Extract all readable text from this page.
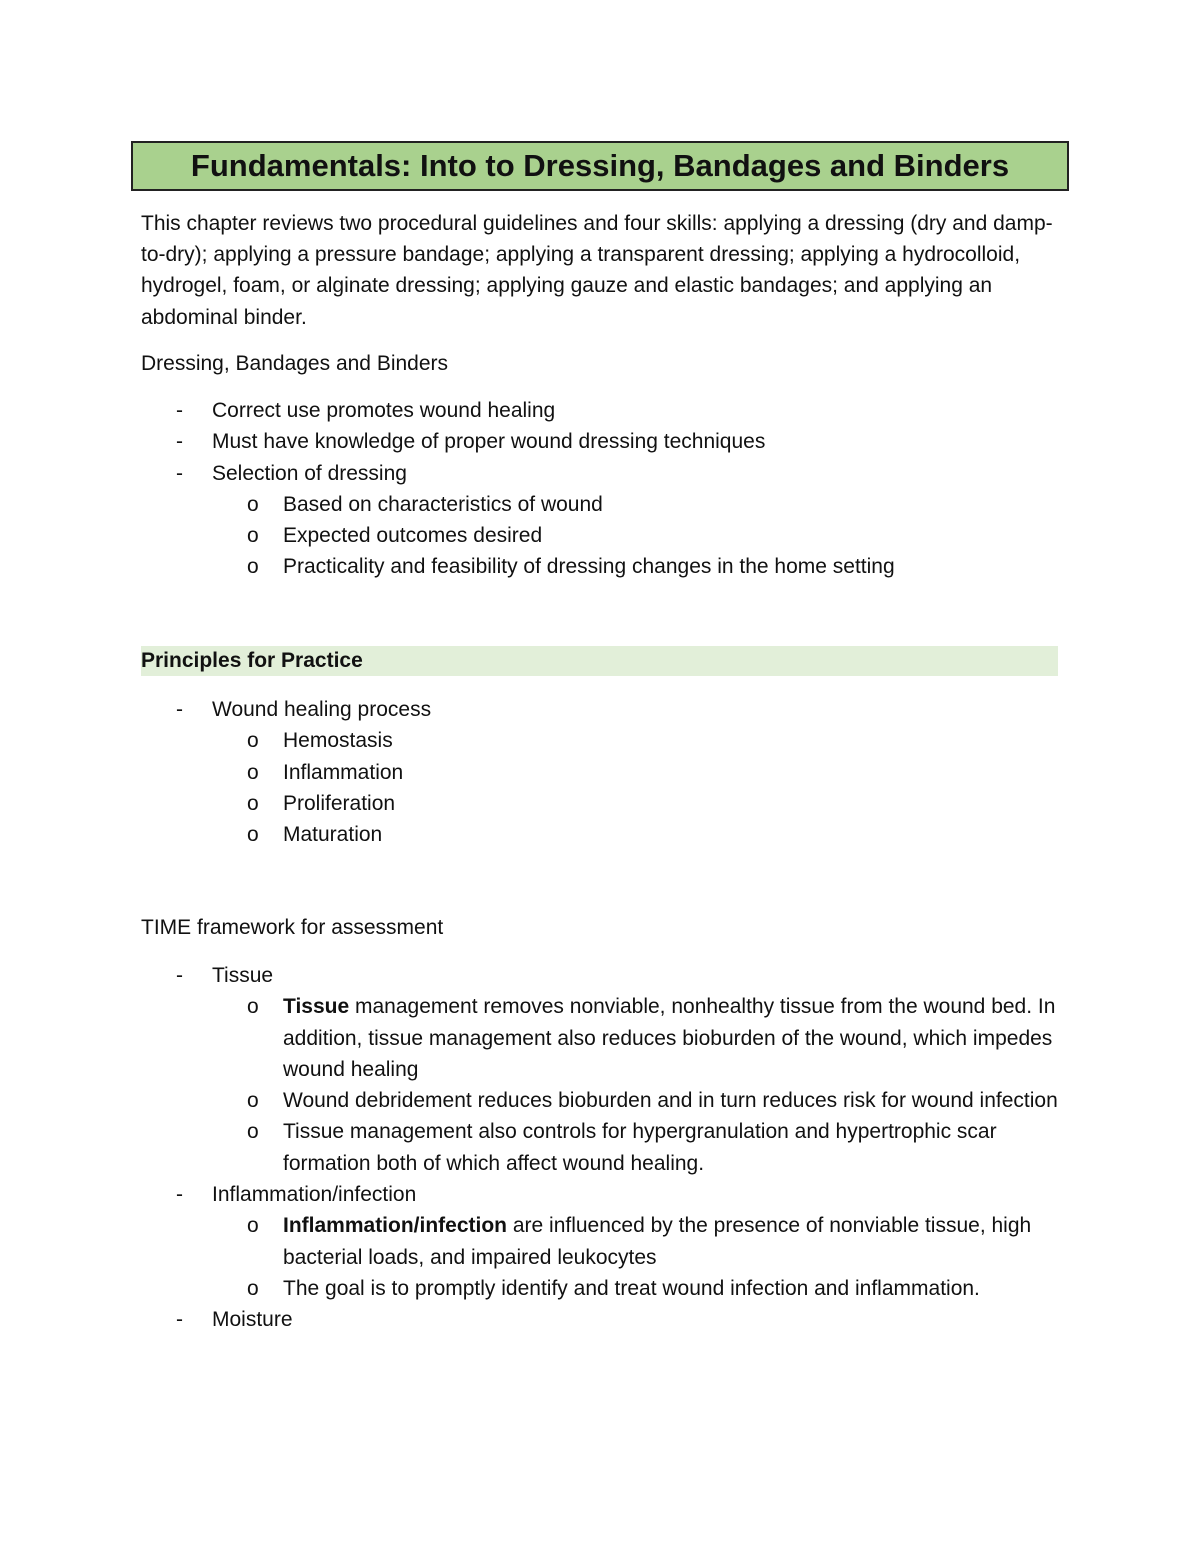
Fundamentals: Into to Dressing, Bandages and Binders

This chapter reviews two procedural guidelines and four skills: applying a dressing (dry and damp-to-dry); applying a pressure bandage; applying a transparent dressing; applying a hydrocolloid, hydrogel, foam, or alginate dressing; applying gauze and elastic bandages; and applying an abdominal binder.

Dressing, Bandages and Binders

- Correct use promotes wound healing
- Must have knowledge of proper wound dressing techniques
- Selection of dressing
o Based on characteristics of wound
o Expected outcomes desired
o Practicality and feasibility of dressing changes in the home setting
Principles for Practice
- Wound healing process
o Hemostasis
o Inflammation
o Proliferation
o Maturation

TIME framework for assessment

- Tissue
o Tissue management removes nonviable, nonhealthy tissue from the wound bed. In addition, tissue management also reduces bioburden of the wound, which impedes wound healing
o Wound debridement reduces bioburden and in turn reduces risk for wound infection
o Tissue management also controls for hypergranulation and hypertrophic scar formation both of which affect wound healing.
- Inflammation/infection
o Inflammation/infection are influenced by the presence of nonviable tissue, high bacterial loads, and impaired leukocytes
o The goal is to promptly identify and treat wound infection and inflammation.
- Moisture
